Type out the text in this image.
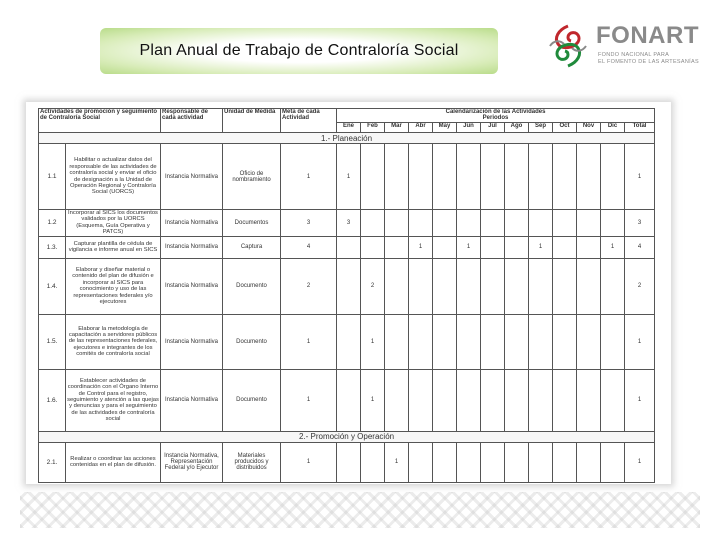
Plan Anual de Trabajo de Contraloría Social
FONART
FONDO NACIONAL PARA
EL FOMENTO DE LAS ARTESANÍAS
Actividades de promoción y seguimiento de Contraloría Social		Responsable de cada actividad	Unidad de Medida	Meta de cada Actividad	Calendarización de las Actividades
Periodos												

					Ene	Feb	Mar	Abr	May	Jun	Jul	Ago	Sep	Oct	Nov	Dic	Total
1.- Planeación																	
1.1	Habilitar o actualizar datos del responsable de las actividades de contraloría social y enviar el oficio de designación a la Unidad de Operación Regional y Contraloría Social (UORCS)	Instancia Normativa	Oficio de nombramiento	1	1												1
1.2	Incorporar al SICS los documentos validados por la UORCS (Esquema, Guía Operativa y PATCS)	Instancia Normativa	Documentos	3	3												3
1.3.	Capturar plantilla de cédula de vigilancia e informe anual en SICS	Instancia Normativa	Captura	4				1		1			1			1	4
1.4.	Elaborar y diseñar material o contenido del plan de difusión e incorporar al SICS para conocimiento y uso de las representaciones federales y/o ejecutores	Instancia Normativa	Documento	2		2											2
1.5.	Elaborar la metodología de capacitación a servidores públicos de las representaciones federales, ejecutores e integrantes de los comités de contraloría social	Instancia Normativa	Documento	1		1											1
1.6.	Establecer actividades de coordinación con el Órgano Interno de Control para el registro, seguimiento y atención a las quejas y denuncias y para el seguimiento de las actividades de contraloría social	Instancia Normativa	Documento	1		1											1
2.- Promoción y Operación																	
2.1.	Realizar o coordinar las acciones contenidas en el plan de difusión.	Instancia Normativa, Representación Federal y/o Ejecutor	Materiales producidos y distribuidos	1			1										1
